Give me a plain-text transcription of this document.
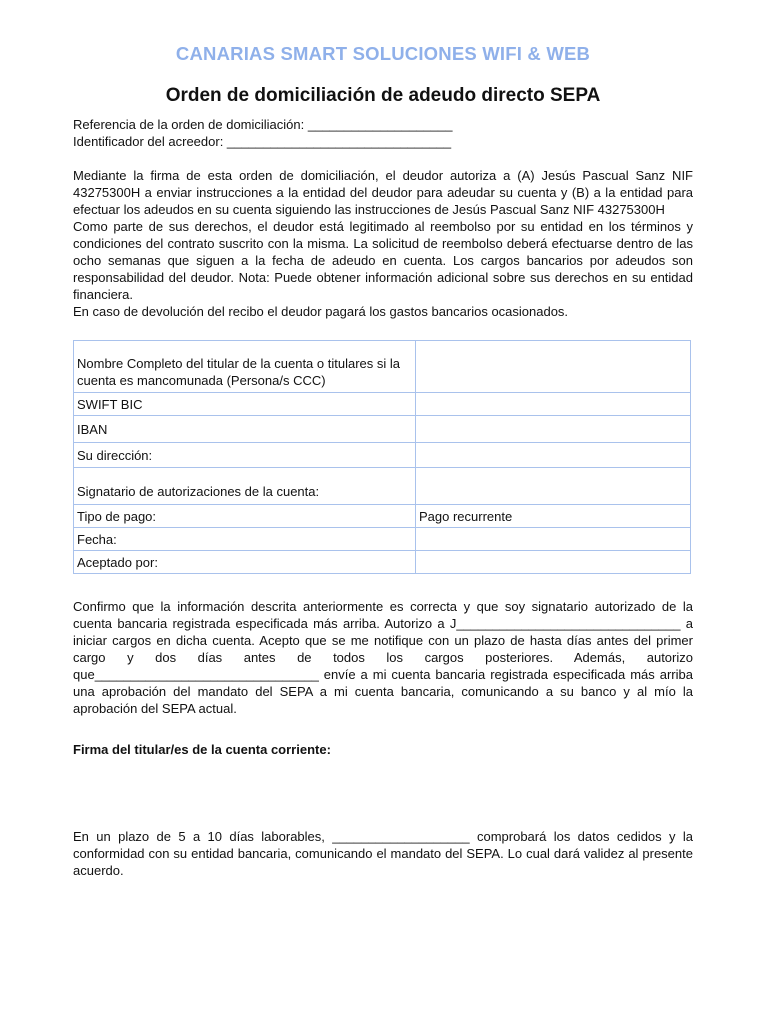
CANARIAS SMART SOLUCIONES WIFI & WEB
Orden de domiciliación de adeudo directo SEPA

Referencia de la orden de domiciliación: ____________________

Identificador del acreedor: _______________________________

Mediante la firma de esta orden de domiciliación, el deudor autoriza a (A) Jesús Pascual Sanz NIF 43275300H a enviar instrucciones a la entidad del deudor para adeudar su cuenta y (B) a la entidad para efectuar los adeudos en su cuenta siguiendo las instrucciones de Jesús Pascual Sanz NIF 43275300H

Como parte de sus derechos, el deudor está legitimado al reembolso por su entidad en los términos y condiciones del contrato suscrito con la misma. La solicitud de reembolso deberá efectuarse dentro de las ocho semanas que siguen a la fecha de adeudo en cuenta. Los cargos bancarios por adeudos son responsabilidad del deudor. Nota: Puede obtener información adicional sobre sus derechos en su entidad financiera.

En caso de devolución del recibo el deudor pagará los gastos bancarios ocasionados.

Nombre Completo del titular de la cuenta o titulares si la cuenta es mancomunada (Persona/s CCC)	
SWIFT BIC	
IBAN	
Su dirección:	
Signatario de autorizaciones de la cuenta:	
Tipo de pago:	Pago recurrente
Fecha:	
Aceptado por:	

Confirmo que la información descrita anteriormente es correcta y que soy signatario autorizado de la cuenta bancaria registrada especificada más arriba. Autorizo a J_______________________________ a iniciar cargos en dicha cuenta. Acepto que se me notifique con un plazo de hasta días antes del primer cargo y dos días antes de todos los cargos posteriores. Además, autorizo que_______________________________ envíe a mi cuenta bancaria registrada especificada más arriba una aprobación del mandato del SEPA a mi cuenta bancaria, comunicando a su banco y al mío la aprobación del SEPA actual.

Firma del titular/es de la cuenta corriente:

En un plazo de 5 a 10 días laborables, ___________________ comprobará los datos cedidos y la conformidad con su entidad bancaria, comunicando el mandato del SEPA. Lo cual dará validez al presente acuerdo.
